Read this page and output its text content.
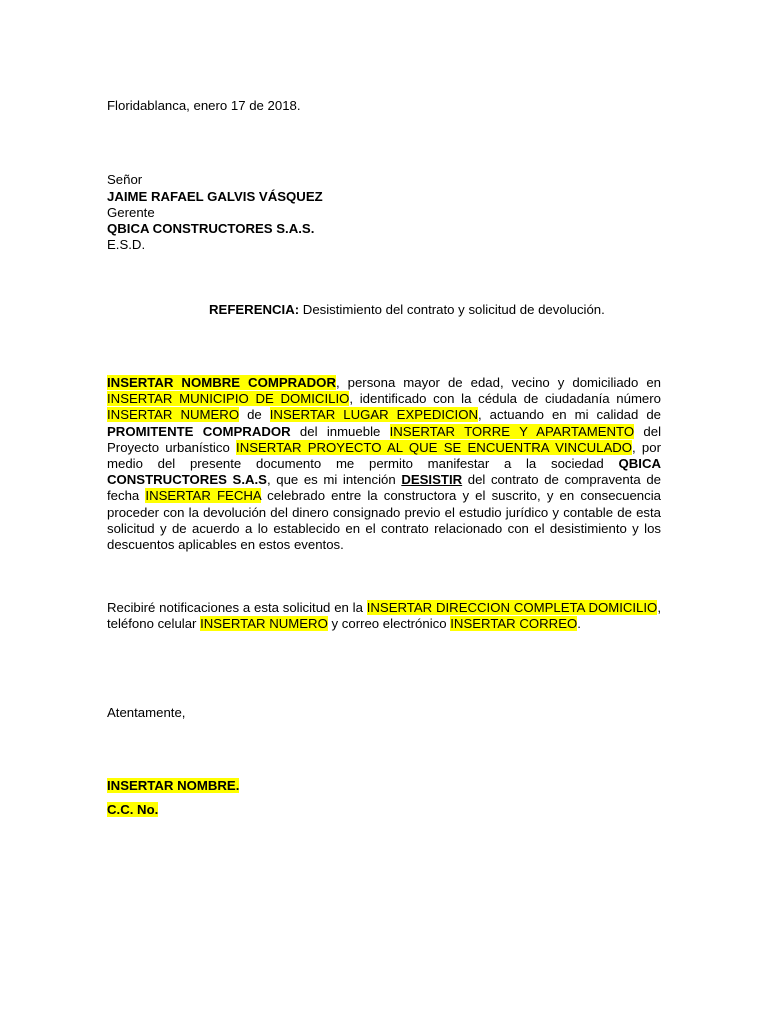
Floridablanca, enero 17 de 2018.
Señor
JAIME RAFAEL GALVIS VÁSQUEZ
Gerente
QBICA CONSTRUCTORES S.A.S.
E.S.D.
REFERENCIA: Desistimiento del contrato y solicitud de devolución.
INSERTAR NOMBRE COMPRADOR, persona mayor de edad, vecino y domiciliado en INSERTAR MUNICIPIO DE DOMICILIO, identificado con la cédula de ciudadanía número INSERTAR NUMERO de INSERTAR LUGAR EXPEDICION, actuando en mi calidad de PROMITENTE COMPRADOR del inmueble INSERTAR TORRE Y APARTAMENTO del Proyecto urbanístico INSERTAR PROYECTO AL QUE SE ENCUENTRA VINCULADO, por medio del presente documento me permito manifestar a la sociedad QBICA CONSTRUCTORES S.A.S, que es mi intención DESISTIR del contrato de compraventa de fecha INSERTAR FECHA celebrado entre la constructora y el suscrito, y en consecuencia proceder con la devolución del dinero consignado previo el estudio jurídico y contable de esta solicitud y de acuerdo a lo establecido en el contrato relacionado con el desistimiento y los descuentos aplicables en estos eventos.
Recibiré notificaciones a esta solicitud en la INSERTAR DIRECCION COMPLETA DOMICILIO, teléfono celular INSERTAR NUMERO y correo electrónico INSERTAR CORREO.
Atentamente,
INSERTAR NOMBRE.
C.C. No.
